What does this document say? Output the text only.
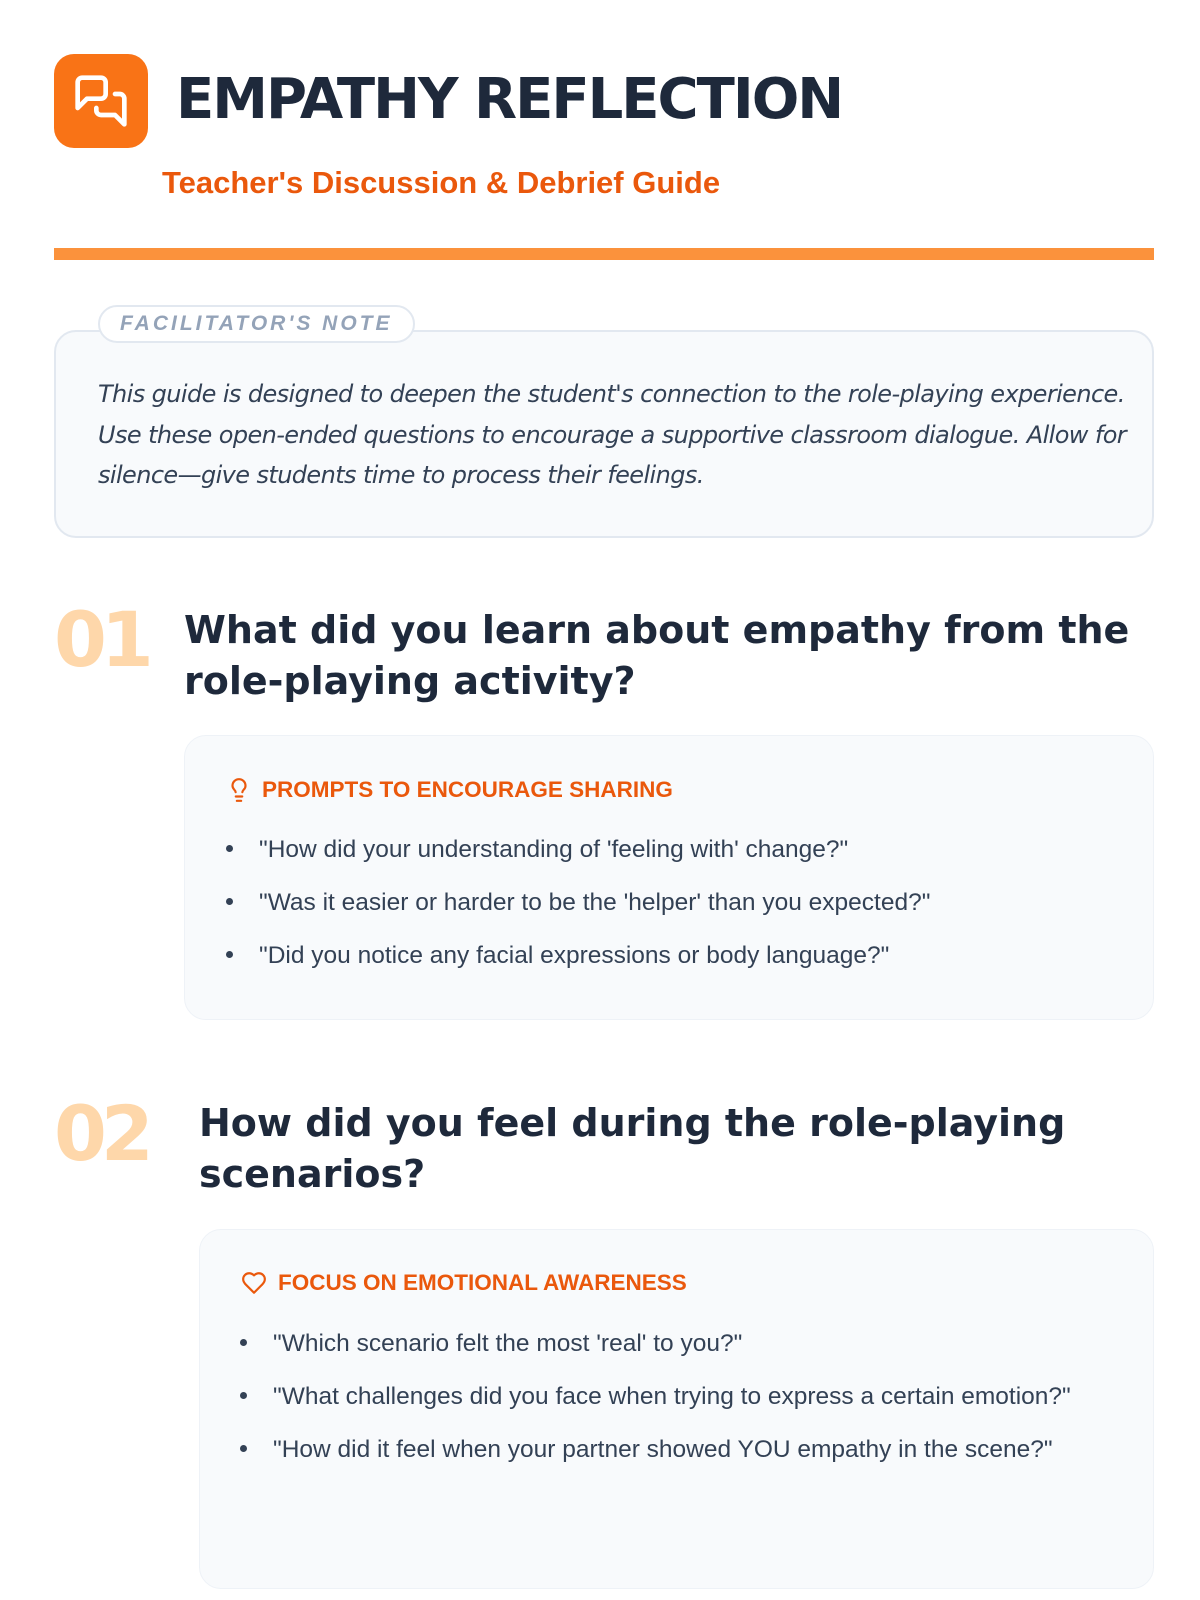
EMPATHY REFLECTION
Teacher's Discussion & Debrief Guide
FACILITATOR'S NOTE
This guide is designed to deepen the student's connection to the role-playing experience. Use these open-ended questions to encourage a supportive classroom dialogue. Allow for silence—give students time to process their feelings.
01 What did you learn about empathy from the role-playing activity?
PROMPTS TO ENCOURAGE SHARING
"How did your understanding of 'feeling with' change?"
"Was it easier or harder to be the 'helper' than you expected?"
"Did you notice any facial expressions or body language?"
02 How did you feel during the role-playing scenarios?
FOCUS ON EMOTIONAL AWARENESS
"Which scenario felt the most 'real' to you?"
"What challenges did you face when trying to express a certain emotion?"
"How did it feel when your partner showed YOU empathy in the scene?"
